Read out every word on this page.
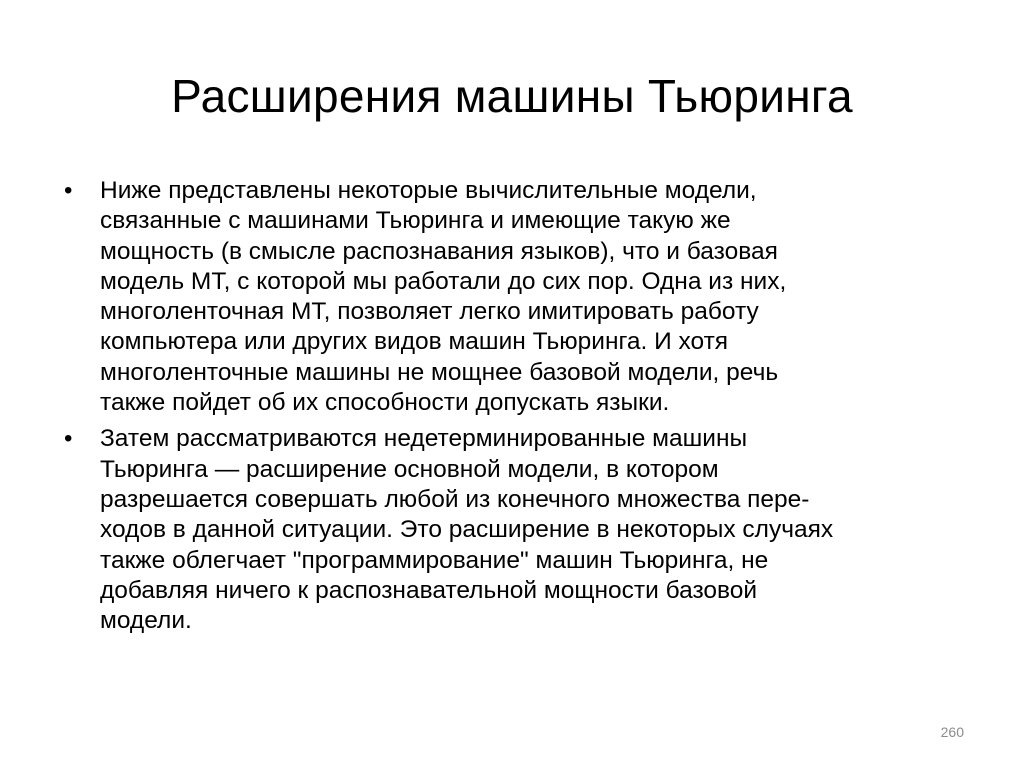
Расширения машины Тьюринга
•	Ниже представлены некоторые вычислительные модели,
связанные с машинами Тьюринга и имеющие такую же
мощность (в смысле распознавания языков), что и базовая
модель МТ, с которой мы работали до сих пор. Одна из них,
многоленточная МТ, позволяет легко имитировать работу
компьютера или других видов машин Тьюринга. И хотя
многоленточные машины не мощнее базовой модели, речь
также пойдет об их способности допускать языки.
•	Затем рассматриваются недетерминированные машины
Тьюринга — расширение основной модели, в котором
разрешается совершать любой из конечного множества пере-
ходов в данной ситуации. Это расширение в некоторых случаях
также облегчает "программирование" машин Тьюринга, не
добавляя ничего к распознавательной мощности базовой
модели.
260
